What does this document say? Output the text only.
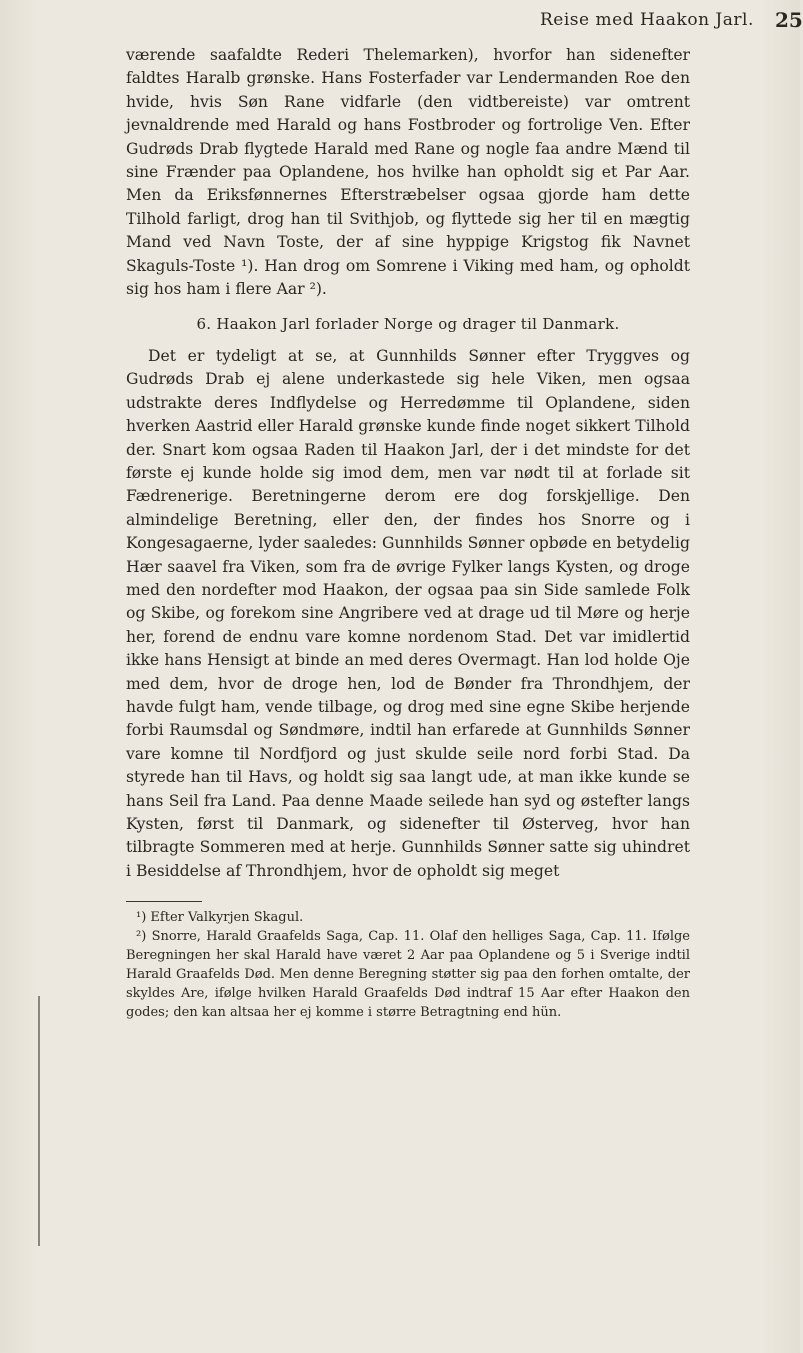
Reise med Haakon Jarl. 25

værende saafaldte Rederi Thelemarken), hvorfor han sidenefter faldtes Haralb grønske. Hans Fosterfader var Lendermanden Roe den hvide, hvis Søn Rane vidfarle (den vidtbereiste) var omtrent jevnaldrende med Harald og hans Fostbroder og fortrolige Ven. Efter Gudrøds Drab flygtede Harald med Rane og nogle faa andre Mænd til sine Frænder paa Oplandene, hos hvilke han opholdt sig et Par Aar. Men da Eriksfønnernes Efterstræbelser ogsaa gjorde ham dette Tilhold farligt, drog han til Svithjob, og flyttede sig her til en mægtig Mand ved Navn Toste, der af sine hyppige Krigstog fik Navnet Skaguls-Toste ¹). Han drog om Somrene i Viking med ham, og opholdt sig hos ham i flere Aar ²).

6. Haakon Jarl forlader Norge og drager til Danmark.

Det er tydeligt at se, at Gunnhilds Sønner efter Tryggves og Gudrøds Drab ej alene underkastede sig hele Viken, men ogsaa udstrakte deres Indflydelse og Herredømme til Oplandene, siden hverken Aastrid eller Harald grønske kunde finde noget sikkert Tilhold der. Snart kom ogsaa Raden til Haakon Jarl, der i det mindste for det første ej kunde holde sig imod dem, men var nødt til at forlade sit Fædrenerige. Beretningerne derom ere dog forskjellige. Den almindelige Beretning, eller den, der findes hos Snorre og i Kongesagaerne, lyder saaledes: Gunnhilds Sønner opbøde en betydelig Hær saavel fra Viken, som fra de øvrige Fylker langs Kysten, og droge med den nordefter mod Haakon, der ogsaa paa sin Side samlede Folk og Skibe, og forekom sine Angribere ved at drage ud til Møre og herje her, forend de endnu vare komne nordenom Stad. Det var imidlertid ikke hans Hensigt at binde an med deres Overmagt. Han lod holde Oje med dem, hvor de droge hen, lod de Bønder fra Throndhjem, der havde fulgt ham, vende tilbage, og drog med sine egne Skibe herjende forbi Raumsdal og Søndmøre, indtil han erfarede at Gunnhilds Sønner vare komne til Nordfjord og just skulde seile nord forbi Stad. Da styrede han til Havs, og holdt sig saa langt ude, at man ikke kunde se hans Seil fra Land. Paa denne Maade seilede han syd og østefter langs Kysten, først til Danmark, og sidenefter til Østerveg, hvor han tilbragte Sommeren med at herje. Gunnhilds Sønner satte sig uhindret i Besiddelse af Throndhjem, hvor de opholdt sig meget

¹) Efter Valkyrjen Skagul.

²) Snorre, Harald Graafelds Saga, Cap. 11. Olaf den helliges Saga, Cap. 11. Ifølge Beregningen her skal Harald have været 2 Aar paa Oplandene og 5 i Sverige indtil Harald Graafelds Død. Men denne Beregning støtter sig paa den forhen omtalte, der skyldes Are, ifølge hvilken Harald Graafelds Død indtraf 15 Aar efter Haakon den godes; den kan altsaa her ej komme i større Betragtning end hün.
